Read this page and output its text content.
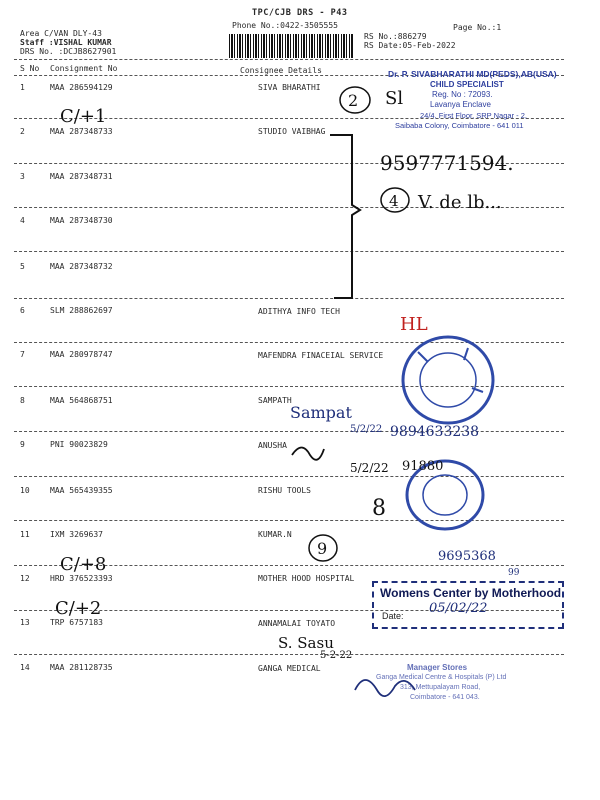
TPC/CJB DRS - P43
Phone No.:0422-3505555	Page No.:1
Area C/VAN DLY-43
Staff :VISHAL KUMAR
DRS No. :DCJB8627901
RS No.:886279
RS Date:05-Feb-2022
S No Consignment No	Consignee Details
1	MAA 286594129	SIVA BHARATHI
2	MAA 287348733	STUDIO VAIBHAG
3	MAA 287348731
4	MAA 287348730
5	MAA 287348732
6	SLM 288862697	ADITHYA INFO TECH
7	MAA 280978747	MAFENDRA FINACEIAL SERVICE
8	MAA 564868751	SAMPATH
9	PNI 90023829	ANUSHA
10	MAA 565439355	RISHU TOOLS
11	IXM 3269637	KUMAR.N
12	HRD 376523393	MOTHER HOOD HOSPITAL
13	TRP 6757183	ANNAMALAI TOYATO
14	MAA 281128735	GANGA MEDICAL
Dr. P. SIVABHARATHI MD(PEDS),AB(USA)
CHILD SPECIALIST
Reg. No : 72093.
Lavanya Enclave
24/4, First Floor, SRP Nagar - 2,
Saibaba Colony, Coimbatore - 641 011
Womens Center by Motherhood
Date: 05/02/22
Manager Stores
Ganga Medical Centre & Hospitals (P) Ltd
313, Mettupalayam Road,
Coimbatore - 641 043.
2 Sl
C/+1
9597771594.
4 V. de lb...
HL
Sampat
5/2/22 9894633238
5/2/22 91880
8
9	9695368
99
C/+8
C/+2
S. Sasu
5-2-22
